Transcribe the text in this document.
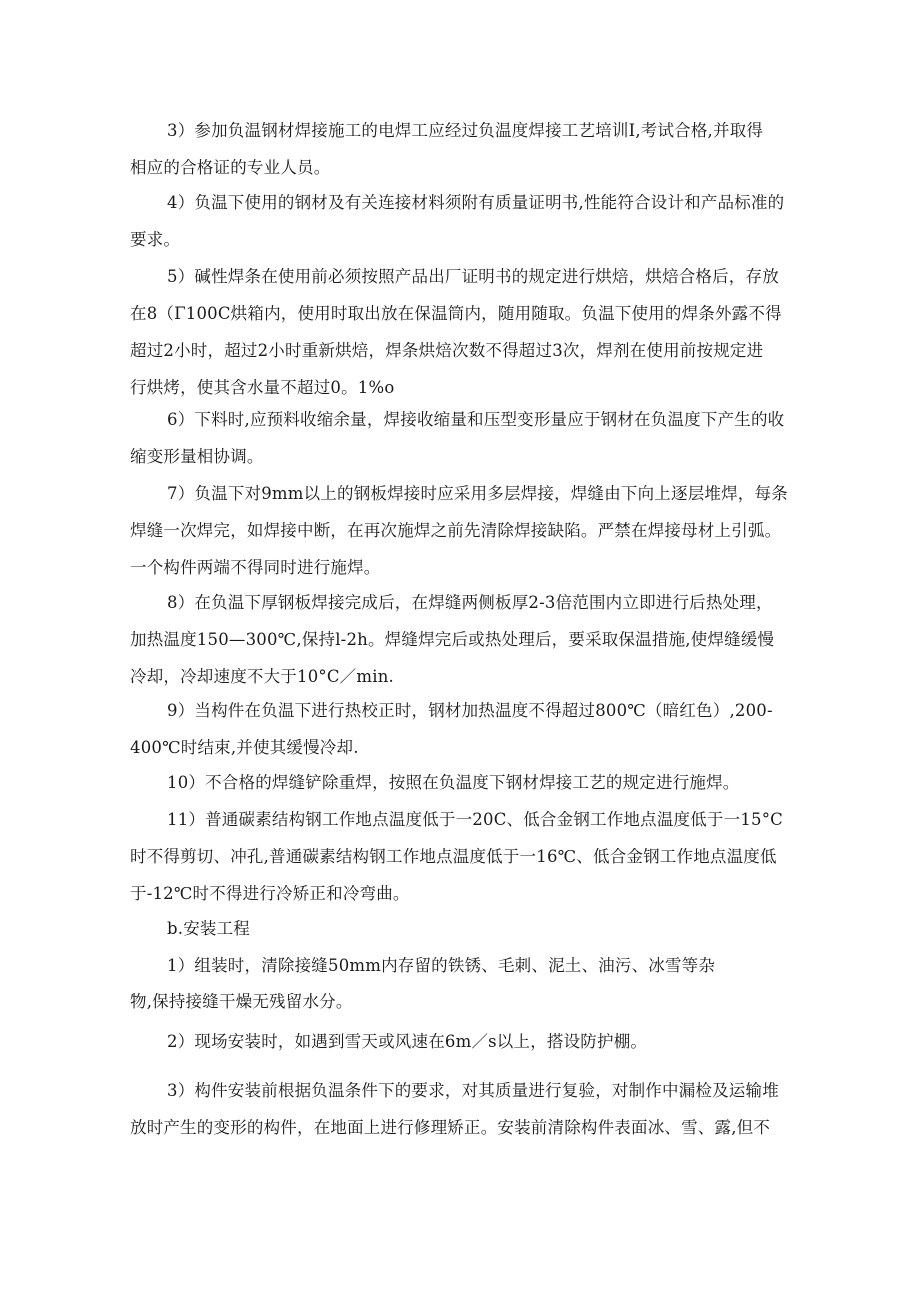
3）参加负温钢材焊接施工的电焊工应经过负温度焊接工艺培训I,考试合格,并取得
相应的合格证的专业人员。
4）负温下使用的钢材及有关连接材料须附有质量证明书,性能符合设计和产品标准的
要求。
5）碱性焊条在使用前必须按照产品出厂证明书的规定进行烘焙，烘焙合格后，存放
在8（Γ100C烘箱内，使用时取出放在保温筒内，随用随取。负温下使用的焊条外露不得
超过2小时，超过2小时重新烘焙，焊条烘焙次数不得超过3次，焊剂在使用前按规定进
行烘烤，使其含水量不超过0。1%o
6）下料时,应预料收缩余量，焊接收缩量和压型变形量应于钢材在负温度下产生的收
缩变形量相协调。
7）负温下对9mm以上的钢板焊接时应采用多层焊接，焊缝由下向上逐层堆焊，每条
焊缝一次焊完，如焊接中断，在再次施焊之前先清除焊接缺陷。严禁在焊接母材上引弧。
一个构件两端不得同时进行施焊。
8）在负温下厚钢板焊接完成后，在焊缝两侧板厚2-3倍范围内立即进行后热处理，
加热温度150—300℃,保持l-2h。焊缝焊完后或热处理后，要采取保温措施,使焊缝缓慢
冷却，冷却速度不大于10°C／min.
9）当构件在负温下进行热校正时，钢材加热温度不得超过800℃（暗红色）,200-
400℃时结束,并使其缓慢冷却.
10）不合格的焊缝铲除重焊，按照在负温度下钢材焊接工艺的规定进行施焊。
11）普通碳素结构钢工作地点温度低于一20C、低合金钢工作地点温度低于一15°C
时不得剪切、冲孔,普通碳素结构钢工作地点温度低于一16℃、低合金钢工作地点温度低
于-12℃时不得进行冷矫正和冷弯曲。
b.安装工程
1）组装时，清除接缝50mm内存留的铁锈、毛刺、泥土、油污、冰雪等杂
物,保持接缝干燥无残留水分。
2）现场安装时，如遇到雪天或风速在6m／s以上，搭设防护棚。
3）构件安装前根据负温条件下的要求，对其质量进行复验，对制作中漏检及运输堆
放时产生的变形的构件，在地面上进行修理矫正。安装前清除构件表面冰、雪、露,但不
